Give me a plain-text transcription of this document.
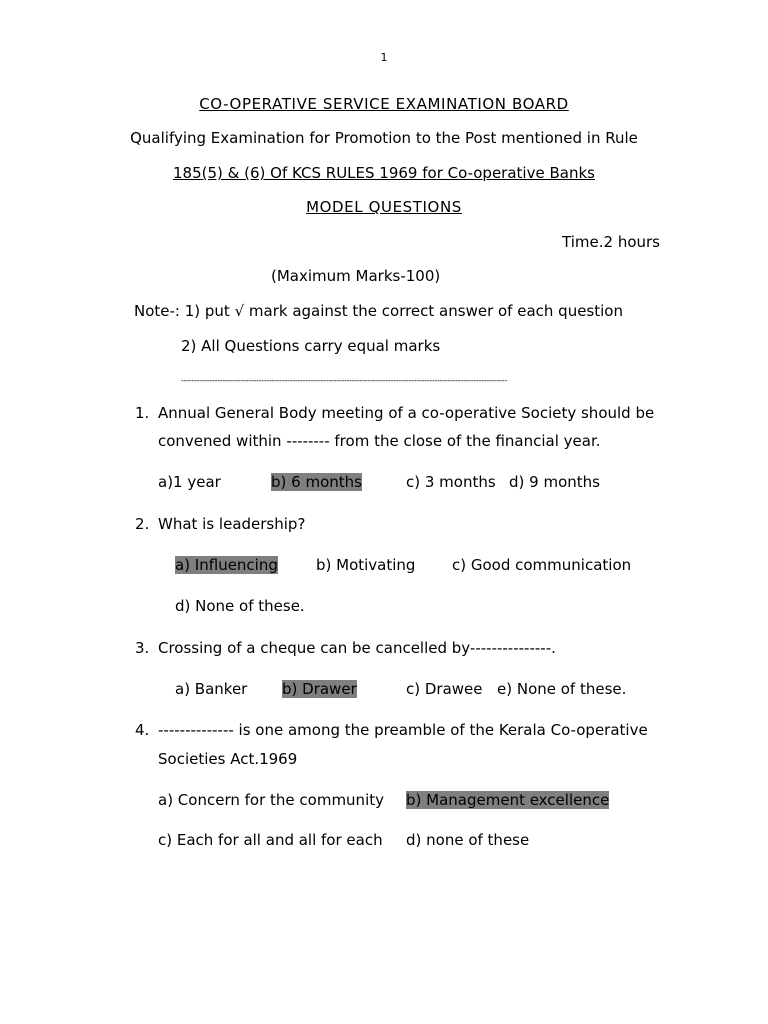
1
CO-OPERATIVE SERVICE EXAMINATION BOARD
Qualifying Examination for Promotion to the Post mentioned in Rule
185(5) & (6) Of KCS RULES 1969 for Co-operative Banks
MODEL QUESTIONS
Time.2 hours
(Maximum Marks-100)
Note-: 1) put √ mark against the correct answer of each question
2) All Questions carry equal marks
------------------------------------------------------------------------------------------------------------------------------
1. Annual General Body meeting of a co-operative Society should be
convened within -------- from the close of the financial year.
a)1 year	b) 6 months	c) 3 months d) 9 months
2. What is leadership?
a) Influencing	b) Motivating c) Good communication
d) None of these.
3. Crossing of a cheque can be cancelled by---------------.
a) Banker b) Drawer	c) Drawee e) None of these.
4. -------------- is one among the preamble of the Kerala Co-operative
Societies Act.1969
a) Concern for the community b) Management excellence
c) Each for all and all for each d) none of these
